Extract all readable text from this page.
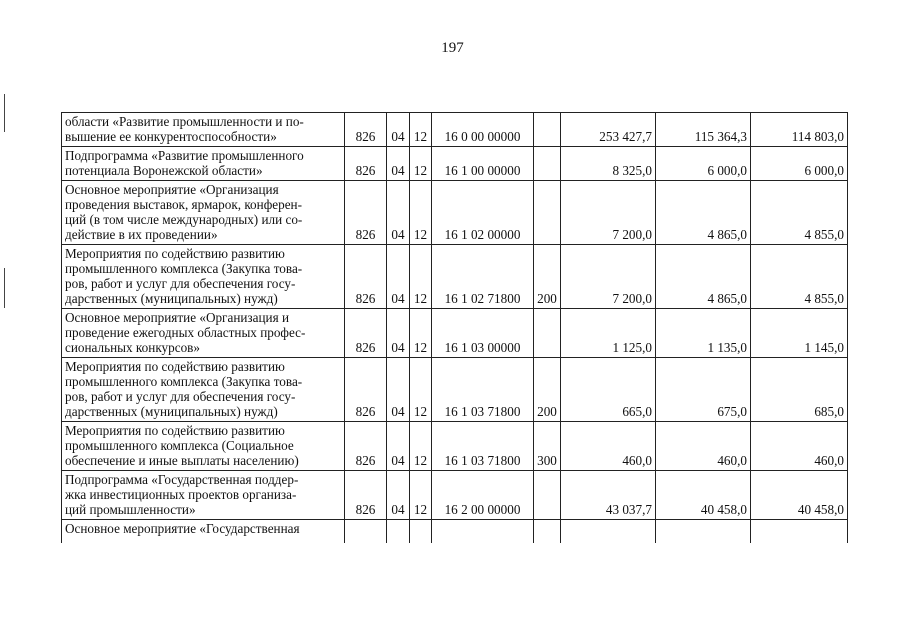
197
области «Развитие промышленности и по-
вышение ее конкурентоспособности»	826	04	12	16 0 00 00000		253 427,7	115 364,3	114 803,0

Подпрограмма «Развитие промышленного
потенциала Воронежской области»	826	04	12	16 1 00 00000		8 325,0	6 000,0	6 000,0

Основное мероприятие «Организация
проведения выставок, ярмарок, конферен-
ций (в том числе международных) или со-
действие в их проведении»	826	04	12	16 1 02 00000		7 200,0	4 865,0	4 855,0

Мероприятия по содействию развитию
промышленного комплекса (Закупка това-
ров, работ и услуг для обеспечения госу-
дарственных (муниципальных) нужд)	826	04	12	16 1 02 71800	200	7 200,0	4 865,0	4 855,0

Основное мероприятие «Организация и
проведение ежегодных областных профес-
сиональных конкурсов»	826	04	12	16 1 03 00000		1 125,0	1 135,0	1 145,0

Мероприятия по содействию развитию
промышленного комплекса (Закупка това-
ров, работ и услуг для обеспечения госу-
дарственных (муниципальных) нужд)	826	04	12	16 1 03 71800	200	665,0	675,0	685,0

Мероприятия по содействию развитию
промышленного комплекса (Социальное
обеспечение и иные выплаты населению)	826	04	12	16 1 03 71800	300	460,0	460,0	460,0

Подпрограмма «Государственная поддер-
жка инвестиционных проектов организа-
ций промышленности»	826	04	12	16 2 00 00000		43 037,7	40 458,0	40 458,0

Основное мероприятие «Государственная								
